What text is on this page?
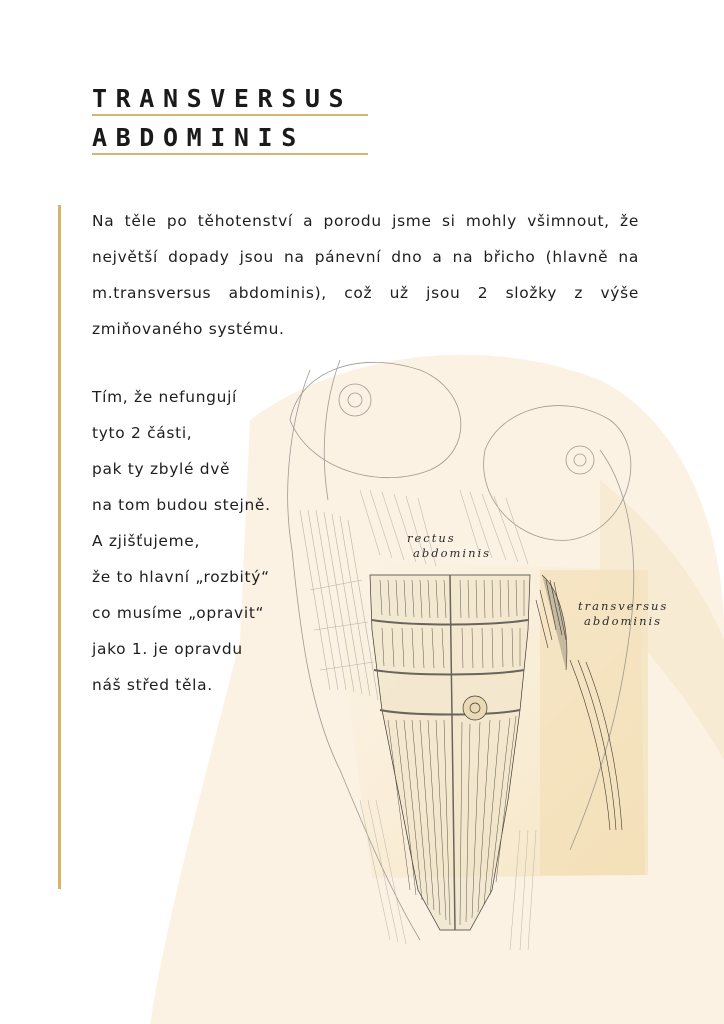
TRANSVERSUS
ABDOMINIS
Na těle po těhotenství a porodu jsme si mohly všimnout, že
největší dopady jsou na pánevní dno a na břicho (hlavně na
m.transversus abdominis), což už jsou 2 složky z výše
zmiňovaného systému.
Tím, že nefungují
tyto 2 části,
pak ty zbylé dvě
na tom budou stejně.
A zjišťujeme,
že to hlavní „rozbitý“
co musíme „opravit“
jako 1. je opravdu
náš střed těla.
rectus
abdominis
transversus
abdominis
